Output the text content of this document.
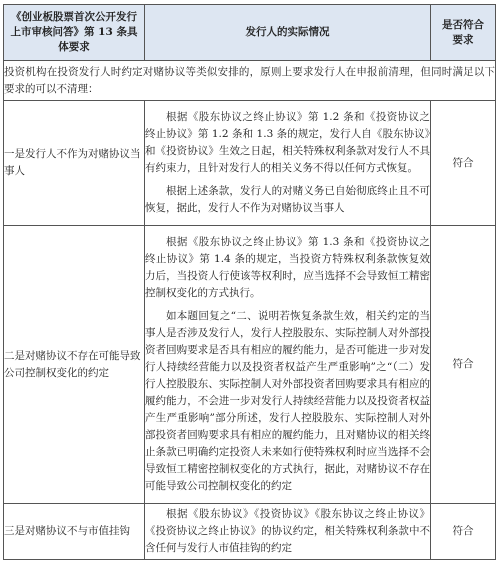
《创业板股票首次公开发行上市审核问答》第 13 条具体要求	发行人的实际情况	是否符合要求

投资机构在投资发行人时约定对赌协议等类似安排的，原则上要求发行人在申报前清理，但同时满足以下要求的可以不清理：		
一是发行人不作为对赌协议当事人	根据《股东协议之终止协议》第 1.2 条和《投资协议之终止协议》第 1.2 条和 1.3 条的规定，发行人自《股东协议》和《投资协议》生效之日起，相关特殊权利条款对发行人不具有约束力，且针对发行人的相关义务不得以任何方式恢复。

根据上述条款，发行人的对赌义务已自始彻底终止且不可恢复，据此，发行人不作为对赌协议当事人	符合
二是对赌协议不存在可能导致公司控制权变化的约定	根据《股东协议之终止协议》第 1.3 条和《投资协议之终止协议》第 1.4 条的规定，当投资方特殊权利条款恢复效力后，当投资人行使该等权利时，应当选择不会导致恒工精密控制权变化的方式执行。

如本题回复之“二、说明若恢复条款生效，相关约定的当事人是否涉及发行人，发行人控股股东、实际控制人对外部投资者回购要求是否具有相应的履约能力，是否可能进一步对发行人持续经营能力以及投资者权益产生严重影响”之“（二）发行人控股股东、实际控制人对外部投资者回购要求具有相应的履约能力，不会进一步对发行人持续经营能力以及投资者权益产生严重影响”部分所述，发行人控股股东、实际控制人对外部投资者回购要求具有相应的履约能力，且对赌协议的相关终止条款已明确约定投资人未来如行使特殊权利时应当选择不会导致恒工精密控制权变化的方式执行，据此，对赌协议不存在可能导致公司控制权变化的约定	符合
三是对赌协议不与市值挂钩	根据《股东协议》《投资协议》《股东协议之终止协议》《投资协议之终止协议》的协议约定，相关特殊权利条款中不含任何与发行人市值挂钩的约定	符合
